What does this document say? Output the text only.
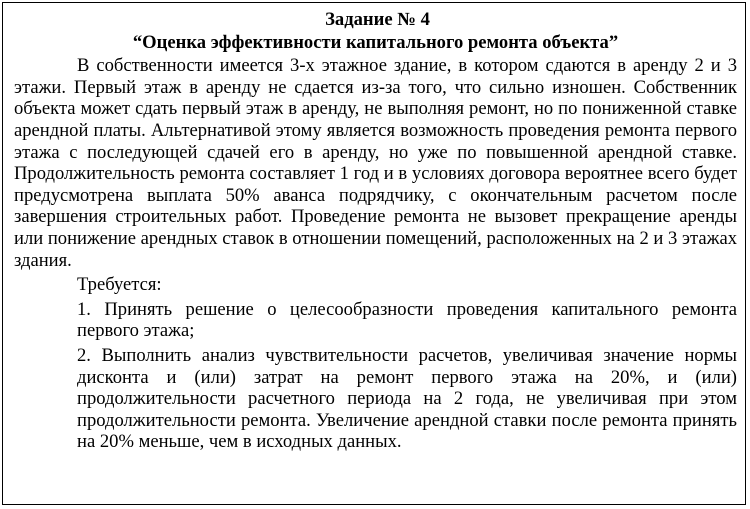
Задание № 4
“Оценка эффективности капитального ремонта объекта”
В собственности имеется 3-х этажное здание, в котором сдаются в аренду 2 и 3 этажи. Первый этаж в аренду не сдается из-за того, что сильно изношен. Собственник объекта может сдать первый этаж в аренду, не выполняя ремонт, но по пониженной ставке арендной платы. Альтернативой этому является возможность проведения ремонта первого этажа с последующей сдачей его в аренду, но уже по повышенной арендной ставке. Продолжительность ремонта составляет 1 год и в условиях договора вероятнее всего будет предусмотрена выплата 50% аванса подрядчику, с окончательным расчетом после завершения строительных работ. Проведение ремонта не вызовет прекращение аренды или понижение арендных ставок в отношении помещений, расположенных на 2 и 3 этажах здания.
Требуется:
1. Принять решение о целесообразности проведения капитального ремонта первого этажа;
2. Выполнить анализ чувствительности расчетов, увеличивая значение нормы дисконта и (или) затрат на ремонт первого этажа на 20%, и (или) продолжительности расчетного периода на 2 года, не увеличивая при этом продолжительности ремонта. Увеличение арендной ставки после ремонта принять на 20% меньше, чем в исходных данных.
